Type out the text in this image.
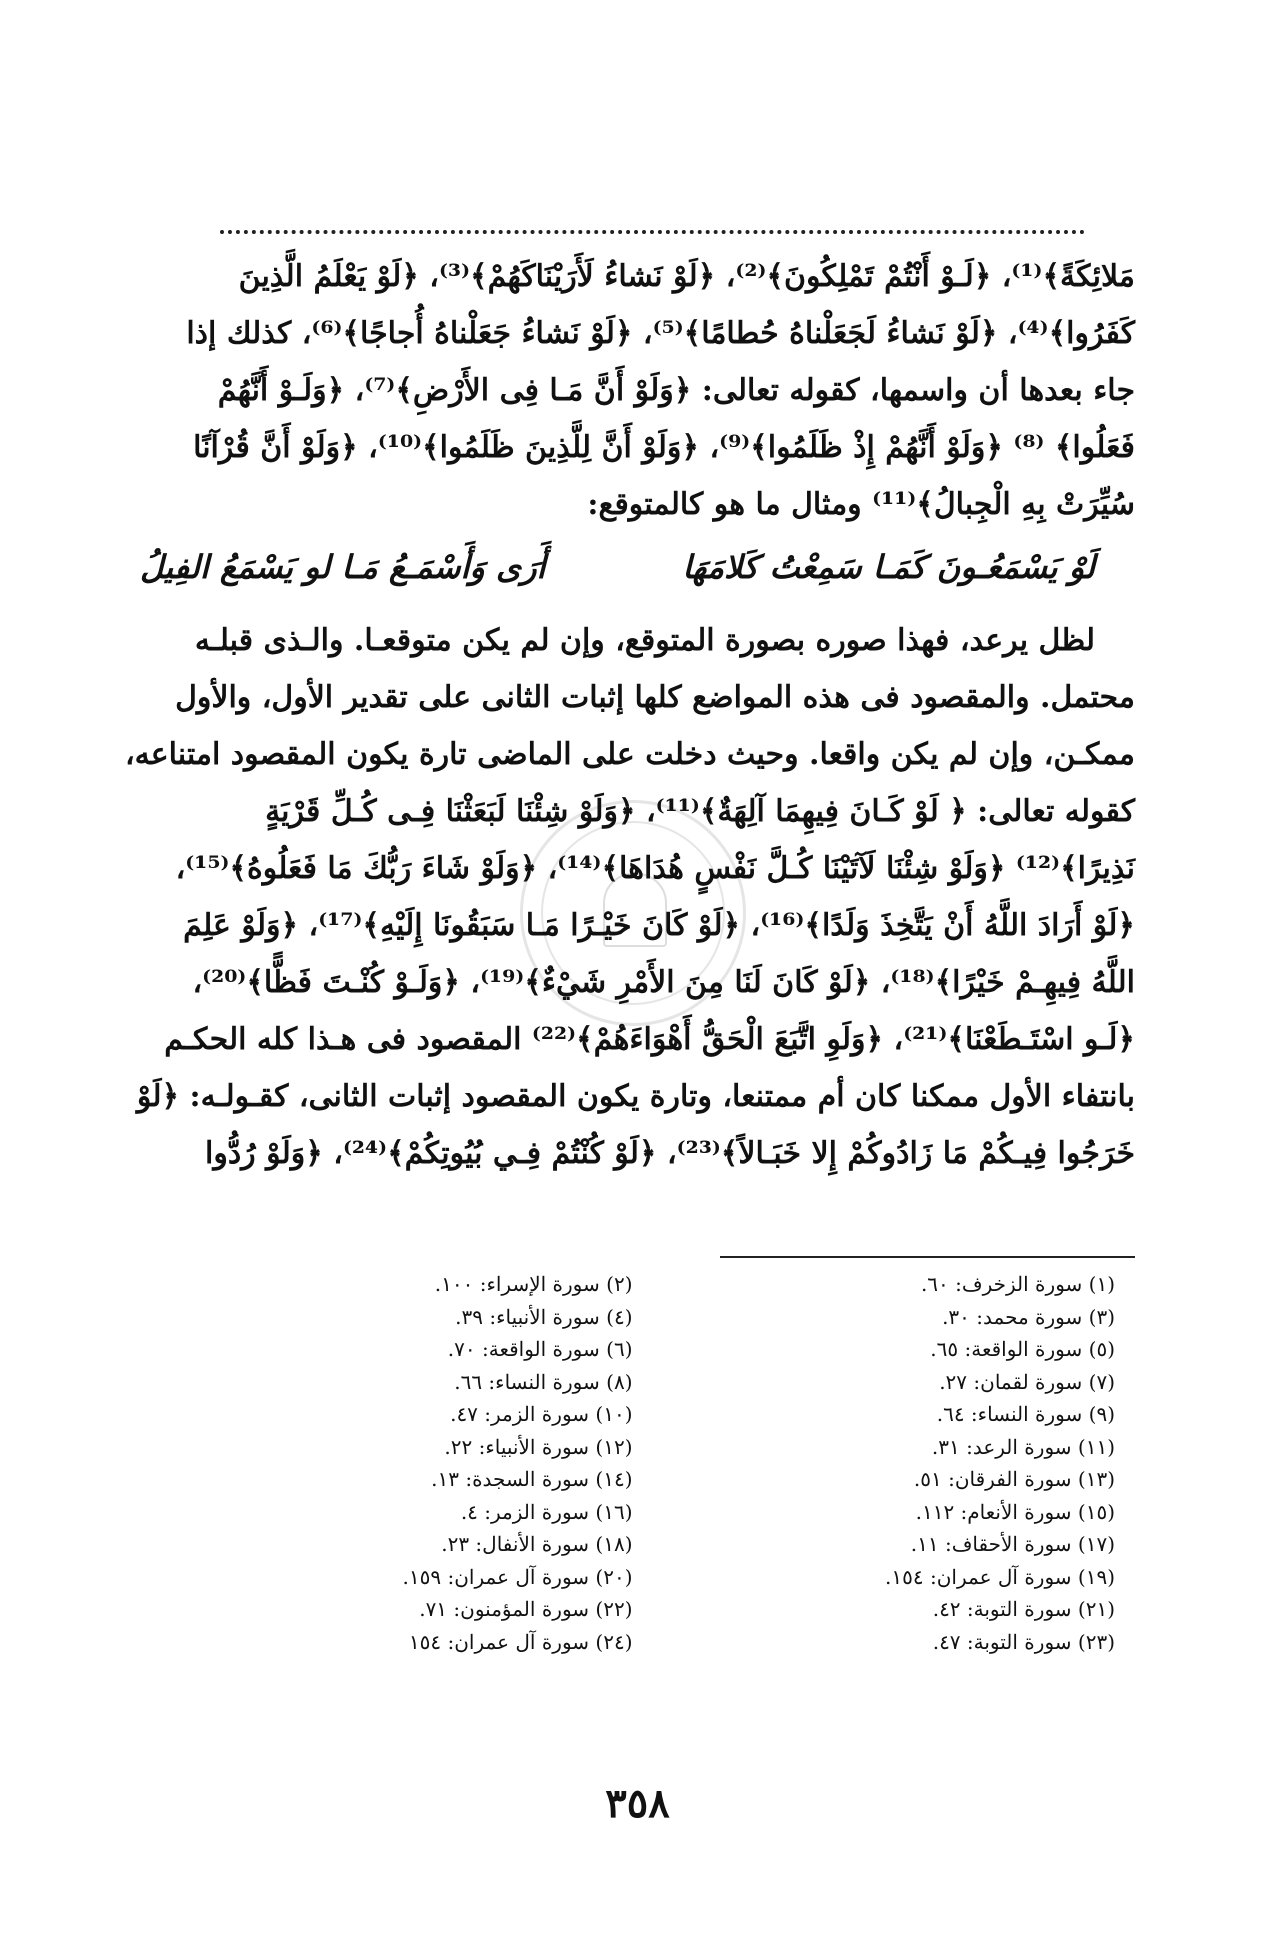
مَلائِكَةً﴾⁽¹⁾، ﴿لَـوْ أَنْتُمْ تَمْلِكُونَ﴾⁽²⁾، ﴿لَوْ نَشاءُ لَأَرَيْنَاكَهُمْ﴾⁽³⁾، ﴿لَوْ يَعْلَمُ الَّذِينَ

كَفَرُوا﴾⁽⁴⁾، ﴿لَوْ نَشاءُ لَجَعَلْناهُ حُطامًا﴾⁽⁵⁾، ﴿لَوْ نَشاءُ جَعَلْناهُ أُجاجًا﴾⁽⁶⁾، كذلك إذا

جاء بعدها أن واسمها، كقوله تعالى: ﴿وَلَوْ أَنَّ مَـا فِى الأَرْضِ﴾⁽⁷⁾، ﴿وَلَـوْ أَنَّهُمْ

فَعَلُوا﴾ ⁽⁸⁾ ﴿وَلَوْ أَنَّهُمْ إِذْ ظَلَمُوا﴾⁽⁹⁾، ﴿وَلَوْ أَنَّ لِلَّذِينَ ظَلَمُوا﴾⁽¹⁰⁾، ﴿وَلَوْ أَنَّ قُرْآنًا

سُيِّرَتْ بِهِ الْجِبالُ﴾⁽¹¹⁾ ومثال ما هو كالمتوقع:

لَوْ يَسْمَعُـونَ كَمَـا سَمِعْتُ كَلامَهَا
أَرَى وَأَسْمَـعُ مَـا لو يَسْمَعُ الفِيلُ

لظل يرعد، فهذا صوره بصورة المتوقع، وإن لم يكن متوقعـا. والـذى قبلـه

محتمل. والمقصود فى هذه المواضع كلها إثبات الثانى على تقدير الأول، والأول

ممكـن، وإن لم يكن واقعا. وحيث دخلت على الماضى تارة يكون المقصود امتناعه،

كقوله تعالى: ﴿ لَوْ كَـانَ فِيهِمَا آلِهَةٌ﴾⁽¹¹⁾، ﴿وَلَوْ شِئْنَا لَبَعَثْنَا فِـى كُـلِّ قَرْيَةٍ

نَذِيرًا﴾⁽¹²⁾ ﴿وَلَوْ شِئْنَا لَآتَيْنَا كُـلَّ نَفْسٍ هُدَاهَا﴾⁽¹⁴⁾، ﴿وَلَوْ شَاءَ رَبُّكَ مَا فَعَلُوهُ﴾⁽¹⁵⁾،

﴿لَوْ أَرَادَ اللَّهُ أَنْ يَتَّخِذَ وَلَدًا﴾⁽¹⁶⁾، ﴿لَوْ كَانَ خَيْـرًا مَـا سَبَقُونَا إِلَيْهِ﴾⁽¹⁷⁾، ﴿وَلَوْ عَلِمَ

اللَّهُ فِيهِـمْ خَيْرًا﴾⁽¹⁸⁾، ﴿لَوْ كَانَ لَنَا مِنَ الأَمْرِ شَيْءٌ﴾⁽¹⁹⁾، ﴿وَلَـوْ كُنْـتَ فَظًّا﴾⁽²⁰⁾،

﴿لَـو اسْتَـطَعْنَا﴾⁽²¹⁾، ﴿وَلَوِ اتَّبَعَ الْحَقُّ أَهْوَاءَهُمْ﴾⁽²²⁾ المقصود فى هـذا كله الحكـم

بانتفاء الأول ممكنا كان أم ممتنعا، وتارة يكون المقصود إثبات الثانى، كقـولـه: ﴿لَوْ

خَرَجُوا فِيـكُمْ مَا زَادُوكُمْ إِلا خَبَـالاً﴾⁽²³⁾، ﴿لَوْ كُنْتُمْ فِـي بُيُوتِكُمْ﴾⁽²⁴⁾، ﴿وَلَوْ رُدُّوا

(١) سورة الزخرف: ٦٠.
(٢) سورة الإسراء: ١٠٠.
(٣) سورة محمد: ٣٠.
(٤) سورة الأنبياء: ٣٩.
(٥) سورة الواقعة: ٦٥.
(٦) سورة الواقعة: ٧٠.
(٧) سورة لقمان: ٢٧.
(٨) سورة النساء: ٦٦.
(٩) سورة النساء: ٦٤.
(١٠) سورة الزمر: ٤٧.
(١١) سورة الرعد: ٣١.
(١٢) سورة الأنبياء: ٢٢.
(١٣) سورة الفرقان: ٥١.
(١٤) سورة السجدة: ١٣.
(١٥) سورة الأنعام: ١١٢.
(١٦) سورة الزمر: ٤.
(١٧) سورة الأحقاف: ١١.
(١٨) سورة الأنفال: ٢٣.
(١٩) سورة آل عمران: ١٥٤.
(٢٠) سورة آل عمران: ١٥٩.
(٢١) سورة التوبة: ٤٢.
(٢٢) سورة المؤمنون: ٧١.
(٢٣) سورة التوبة: ٤٧.
(٢٤) سورة آل عمران: ١٥٤
٣٥٨
